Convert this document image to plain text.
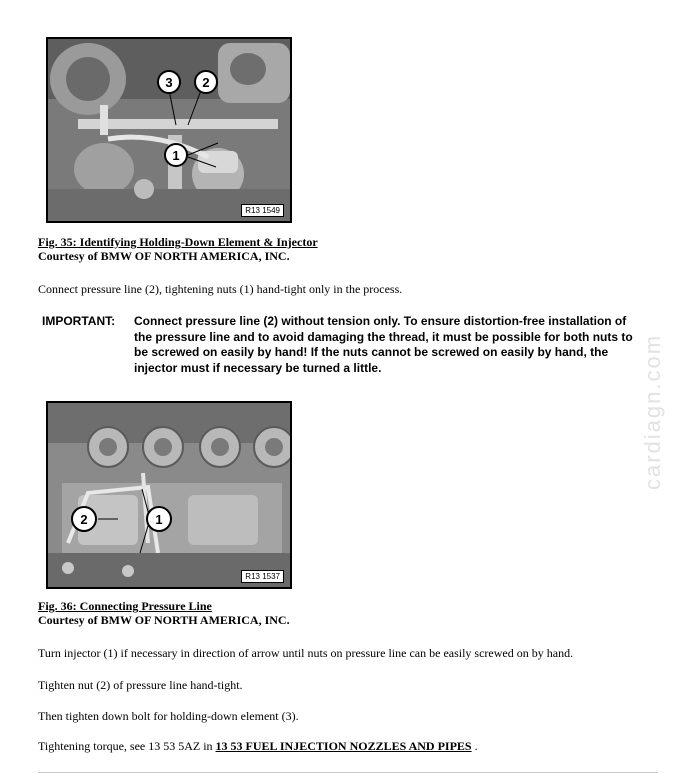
3 2
1
R13 1549
Fig. 35: Identifying Holding-Down Element & Injector
Courtesy of BMW OF NORTH AMERICA, INC.
Connect pressure line (2), tightening nuts (1) hand-tight only in the process.
IMPORTANT:	Connect pressure line (2) without tension only. To ensure distortion-free installation of the pressure line and to avoid damaging the thread, it must be possible for both nuts to be screwed on easily by hand! If the nuts cannot be screwed on easily by hand, the injector must if necessary be turned a little.
2	1
R13 1537
Fig. 36: Connecting Pressure Line
Courtesy of BMW OF NORTH AMERICA, INC.
Turn injector (1) if necessary in direction of arrow until nuts on pressure line can be easily screwed on by hand.
Tighten nut (2) of pressure line hand-tight.
Then tighten down bolt for holding-down element (3).
Tightening torque, see 13 53 5AZ in 13 53 FUEL INJECTION NOZZLES AND PIPES .
cardiagn.com
